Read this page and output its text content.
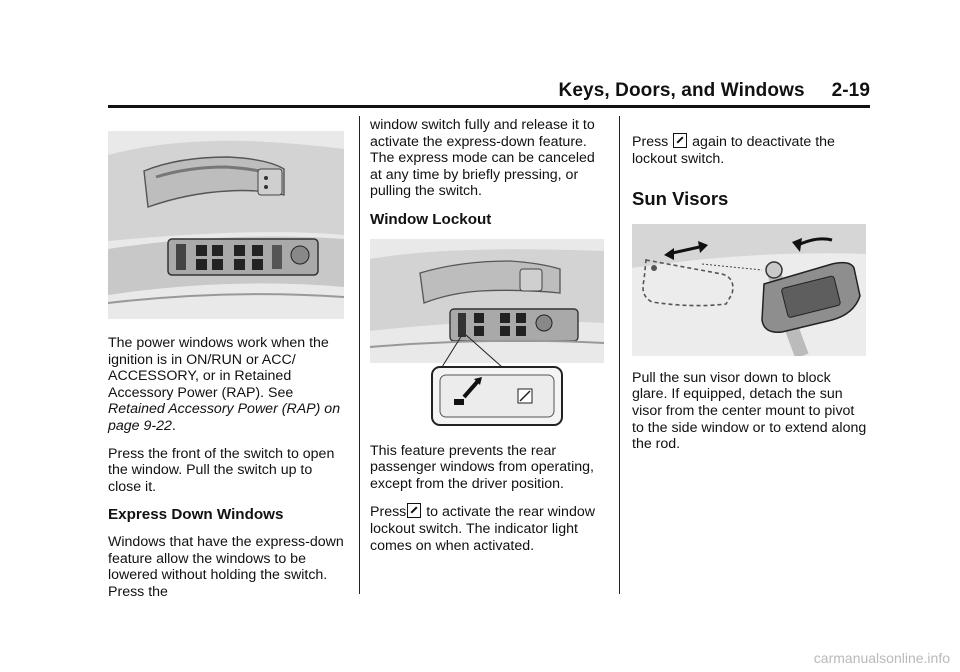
Keys, Doors, and Windows 2-19

The power windows work when the ignition is in ON/RUN or ACC/ ACCESSORY, or in Retained Accessory Power (RAP). See Retained Accessory Power (RAP) on page 9-22.

Press the front of the switch to open the window. Pull the switch up to close it.

Express Down Windows

Windows that have the express-down feature allow the windows to be lowered without holding the switch. Press the

window switch fully and release it to activate the express-down feature. The express mode can be canceled at any time by briefly pressing, or pulling the switch.

Window Lockout

This feature prevents the rear passenger windows from operating, except from the driver position.

Press to activate the rear window lockout switch. The indicator light comes on when activated.

Press again to deactivate the lockout switch.

Sun Visors

Pull the sun visor down to block glare. If equipped, detach the sun visor from the center mount to pivot to the side window or to extend along the rod.

carmanualsonline.info
